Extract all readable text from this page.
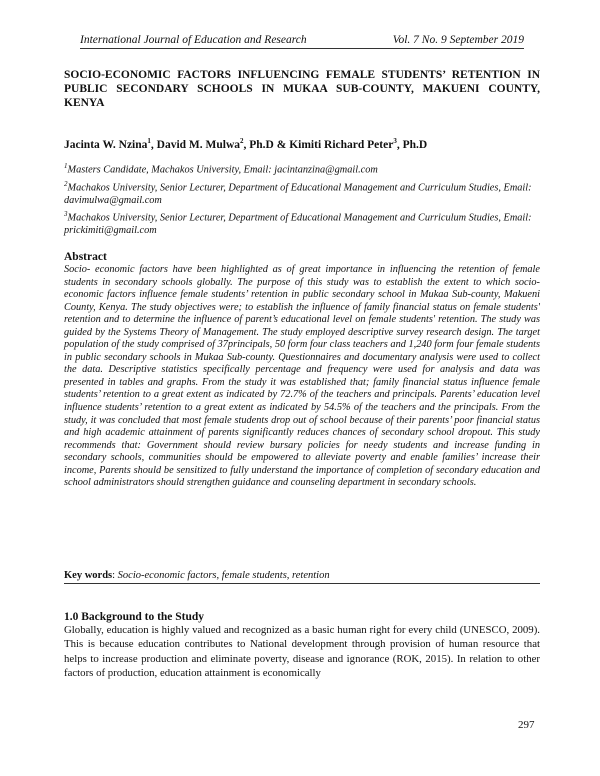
International Journal of Education and Research	Vol. 7 No. 9 September 2019
SOCIO-ECONOMIC FACTORS INFLUENCING FEMALE STUDENTS’ RETENTION IN PUBLIC SECONDARY SCHOOLS IN MUKAA SUB-COUNTY, MAKUENI COUNTY, KENYA
Jacinta W. Nzina$^1$, David M. Mulwa$^2$, Ph.D & Kimiti Richard Peter$^3$, Ph.D

$^1$Masters Candidate, Machakos University, Email: jacintanzina@gmail.com

$^2$Machakos University, Senior Lecturer, Department of Educational Management and Curriculum Studies, Email: davimulwa@gmail.com

$^3$Machakos University, Senior Lecturer, Department of Educational Management and Curriculum Studies, Email: prickimiti@gmail.com

Abstract

Socio- economic factors have been highlighted as of great importance in influencing the retention of female students in secondary schools globally. The purpose of this study was to establish the extent to which socio-economic factors influence female students’ retention in public secondary school in Mukaa Sub-county, Makueni County, Kenya. The study objectives were; to establish the influence of family financial status on female students' retention and to determine the influence of parent’s educational level on female students' retention. The study was guided by the Systems Theory of Management. The study employed descriptive survey research design. The target population of the study comprised of 37principals, 50 form four class teachers and 1,240 form four female students in public secondary schools in Mukaa Sub-county. Questionnaires and documentary analysis were used to collect the data. Descriptive statistics specifically percentage and frequency were used for analysis and data was presented in tables and graphs. From the study it was established that; family financial status influence female students’ retention to a great extent as indicated by 72.7% of the teachers and principals. Parents’ education level influence students’ retention to a great extent as indicated by 54.5% of the teachers and the principals. From the study, it was concluded that most female students drop out of school because of their parents’ poor financial status and high academic attainment of parents significantly reduces chances of secondary school dropout. This study recommends that: Government should review bursary policies for needy students and increase funding in secondary schools, communities should be empowered to alleviate poverty and enable families’ increase their income, Parents should be sensitized to fully understand the importance of completion of secondary education and school administrators should strengthen guidance and counseling department in secondary schools.

Key words: Socio-economic factors, female students, retention
1.0 Background to the Study

Globally, education is highly valued and recognized as a basic human right for every child (UNESCO, 2009). This is because education contributes to National development through provision of human resource that helps to increase production and eliminate poverty, disease and ignorance (ROK, 2015). In relation to other factors of production, education attainment is economically

297
